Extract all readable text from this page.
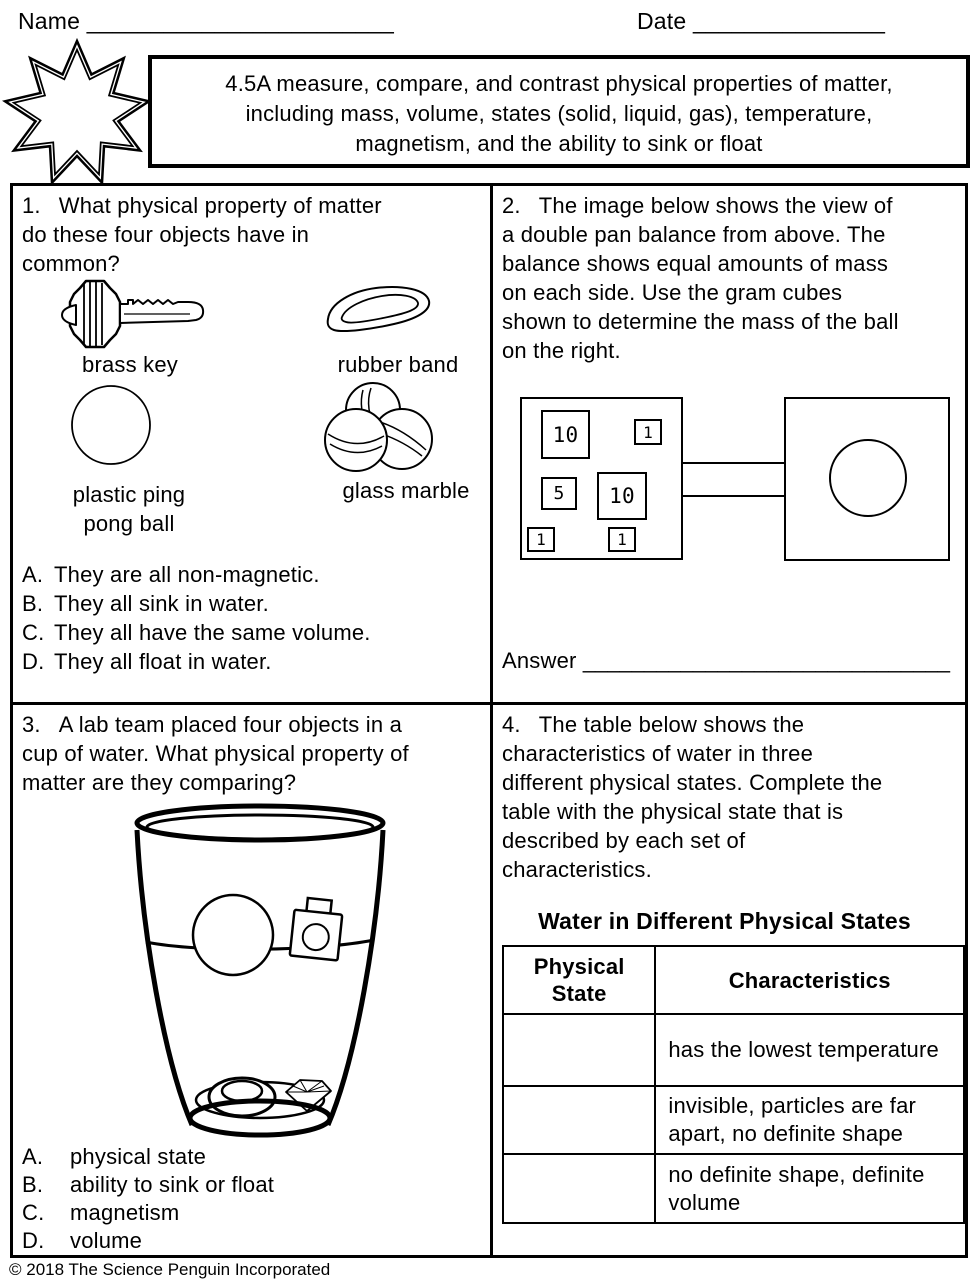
Name ________________________	Date _______________
4.5A measure, compare, and contrast physical properties of matter, including mass, volume, states (solid, liquid, gas), temperature, magnetism, and the ability to sink or float

1. What physical property of matter do these four objects have in common?

brass key	rubber band
plastic ping pong ball
glass marble
A. They are all non-magnetic.
B. They all sink in water.
C. They all have the same volume.
D. They all float in water.

2. The image below shows the view of a double pan balance from above. The balance shows equal amounts of mass on each side. Use the gram cubes shown to determine the mass of the ball on the right.

10	1
5	10
1	1
Answer ______________________________

3. A lab team placed four objects in a cup of water. What physical property of matter are they comparing?

A.	physical state
B.	ability to sink or float
C.	magnetism
D.	volume

4. The table below shows the characteristics of water in three different physical states. Complete the table with the physical state that is described by each set of characteristics.

Water in Different Physical States
Physical State	Characteristics
	has the lowest temperature
	invisible, particles are far apart, no definite shape
	no definite shape, definite volume
© 2018 The Science Penguin Incorporated
